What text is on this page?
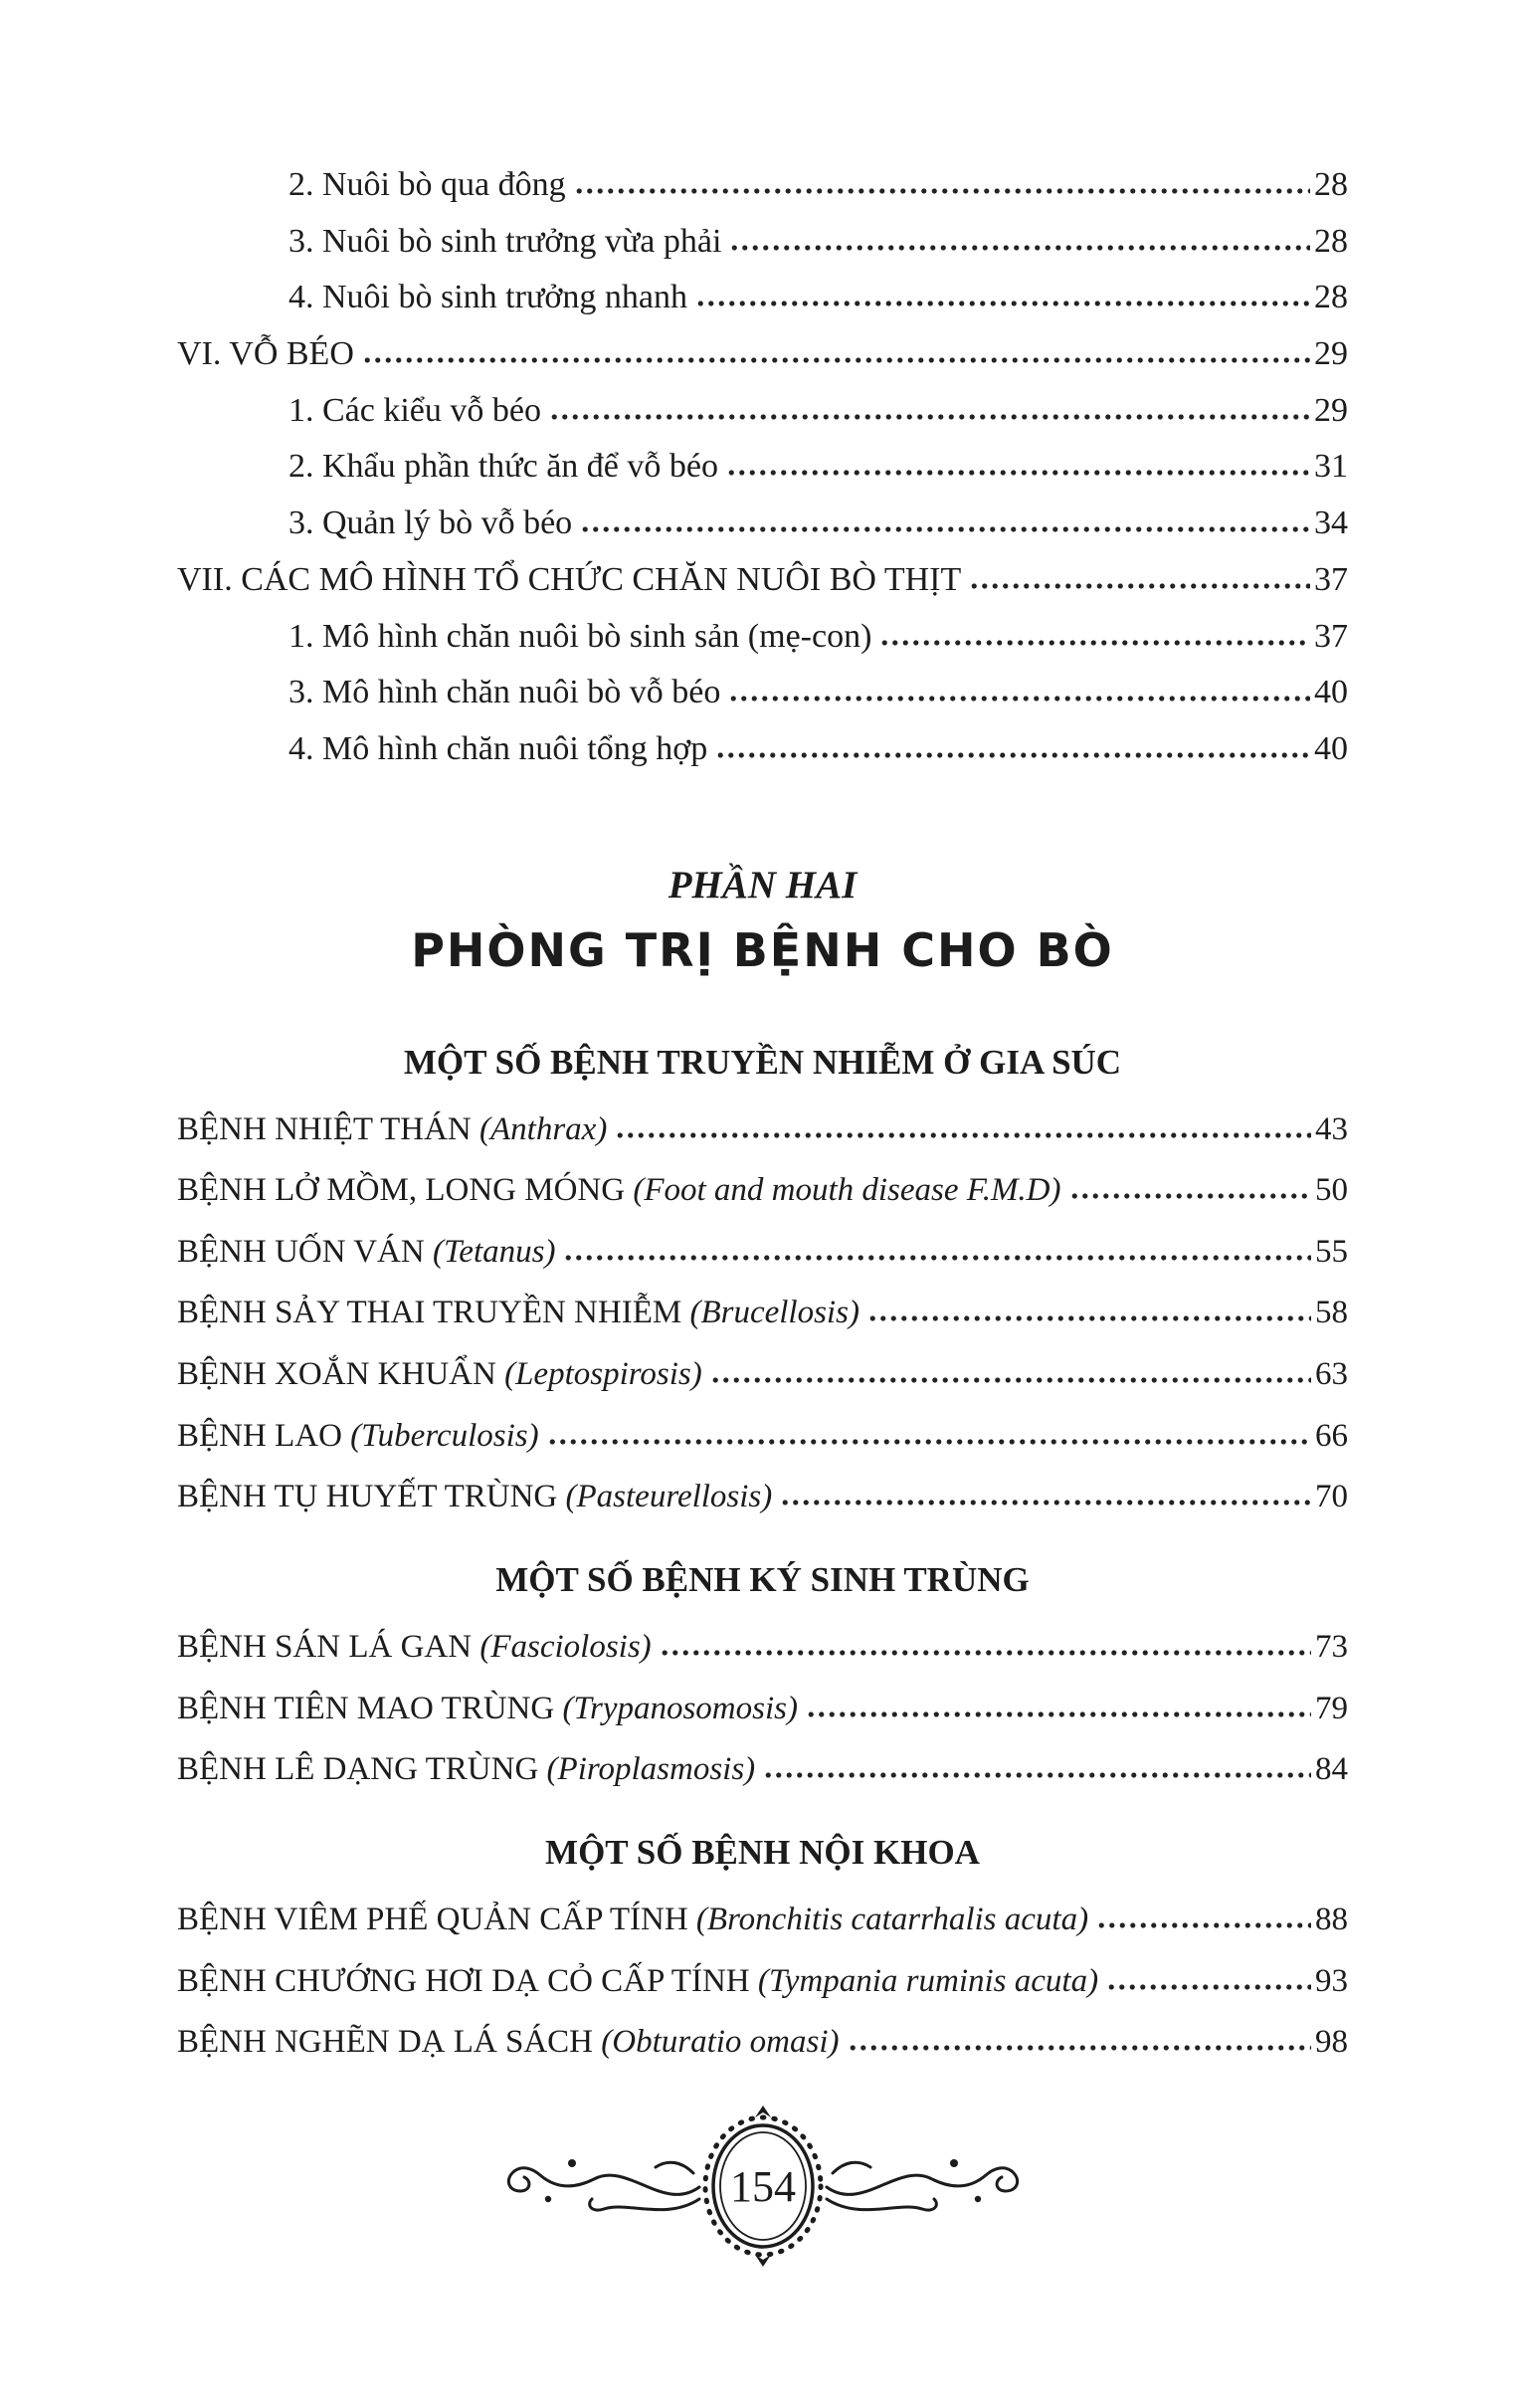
2. Nuôi bò qua đông	28
3. Nuôi bò sinh trưởng vừa phải	28
4. Nuôi bò sinh trưởng nhanh	28
VI. VỖ BÉO	29
1. Các kiểu vỗ béo	29
2. Khẩu phần thức ăn để vỗ béo	31
3. Quản lý bò vỗ béo	34
VII. CÁC MÔ HÌNH TỔ CHỨC CHĂN NUÔI BÒ THỊT	37
1. Mô hình chăn nuôi bò sinh sản (mẹ-con)	37
3. Mô hình chăn nuôi bò vỗ béo	40
4. Mô hình chăn nuôi tổng hợp	40
PHẦN HAI
PHÒNG TRỊ BỆNH CHO BÒ
MỘT SỐ BỆNH TRUYỀN NHIỄM Ở GIA SÚC
BỆNH NHIỆT THÁN (Anthrax)	43
BỆNH LỞ MỒM, LONG MÓNG (Foot and mouth disease F.M.D)	50
BỆNH UỐN VÁN (Tetanus)	55
BỆNH SẢY THAI TRUYỀN NHIỄM (Brucellosis)	58
BỆNH XOẮN KHUẨN (Leptospirosis)	63
BỆNH LAO (Tuberculosis)	66
BỆNH TỤ HUYẾT TRÙNG (Pasteurellosis)	70
MỘT SỐ BỆNH KÝ SINH TRÙNG
BỆNH SÁN LÁ GAN (Fasciolosis)	73
BỆNH TIÊN MAO TRÙNG (Trypanosomosis)	79
BỆNH LÊ DẠNG TRÙNG (Piroplasmosis)	84
MỘT SỐ BỆNH NỘI KHOA
BỆNH VIÊM PHẾ QUẢN CẤP TÍNH (Bronchitis catarrhalis acuta)	88
BỆNH CHƯỚNG HƠI DẠ CỎ CẤP TÍNH (Tympania ruminis acuta)	93
BỆNH NGHẼN DẠ LÁ SÁCH (Obturatio omasi)	98
154
